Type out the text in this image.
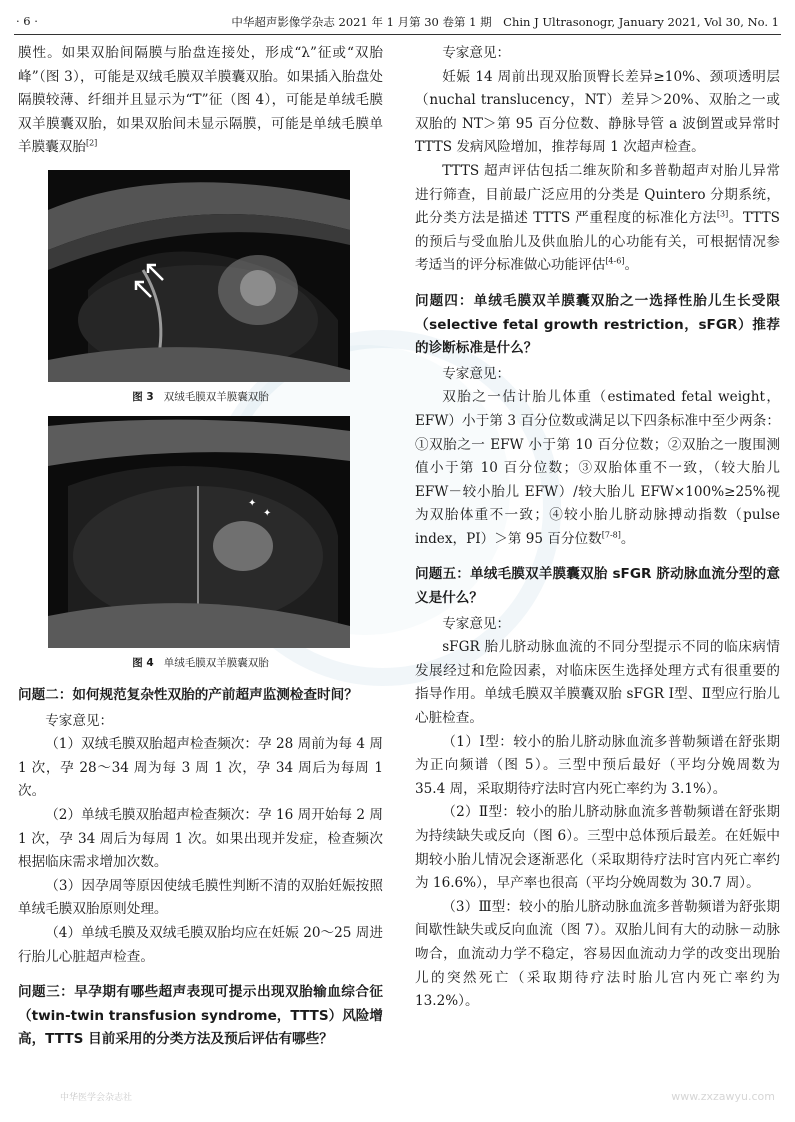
· 6 ·	中华超声影像学杂志 2021 年 1 月第 30 卷第 1 期　Chin J Ultrasonogr, January 2021, Vol 30, No. 1

膜性。如果双胎间隔膜与胎盘连接处，形成“λ”征或“双胎峰”（图 3），可能是双绒毛膜双羊膜囊双胎。如果插入胎盘处隔膜较薄、纤细并且显示为“T”征（图 4），可能是单绒毛膜双羊膜囊双胎，如果双胎间未显示隔膜，可能是单绒毛膜单羊膜囊双胎[2]

图 3 双绒毛膜双羊膜囊双胎
✦
✦
图 4 单绒毛膜双羊膜囊双胎
问题二：如何规范复杂性双胎的产前超声监测检查时间？

专家意见：

（1）双绒毛膜双胎超声检查频次：孕 28 周前为每 4 周 1 次，孕 28～34 周为每 3 周 1 次，孕 34 周后为每周 1 次。

（2）单绒毛膜双胎超声检查频次：孕 16 周开始每 2 周 1 次，孕 34 周后为每周 1 次。如果出现并发症，检查频次根据临床需求增加次数。

（3）因孕周等原因使绒毛膜性判断不清的双胎妊娠按照单绒毛膜双胎原则处理。

（4）单绒毛膜及双绒毛膜双胎均应在妊娠 20～25 周进行胎儿心脏超声检查。

问题三：早孕期有哪些超声表现可提示出现双胎输血综合征（twin-twin transfusion syndrome，TTTS）风险增高，TTTS 目前采用的分类方法及预后评估有哪些？

专家意见：

妊娠 14 周前出现双胎顶臀长差异≥10%、颈项透明层（nuchal translucency，NT）差异＞20%、双胎之一或双胎的 NT＞第 95 百分位数、静脉导管 a 波倒置或异常时 TTTS 发病风险增加，推荐每周 1 次超声检查。

TTTS 超声评估包括二维灰阶和多普勒超声对胎儿异常进行筛查，目前最广泛应用的分类是 Quintero 分期系统，此分类方法是描述 TTTS 严重程度的标准化方法[3]。TTTS 的预后与受血胎儿及供血胎儿的心功能有关，可根据情况参考适当的评分标准做心功能评估[4-6]。

问题四：单绒毛膜双羊膜囊双胎之一选择性胎儿生长受限（selective fetal growth restriction，sFGR）推荐的诊断标准是什么？

专家意见：

双胎之一估计胎儿体重（estimated fetal weight，EFW）小于第 3 百分位数或满足以下四条标准中至少两条：①双胎之一 EFW 小于第 10 百分位数；②双胎之一腹围测值小于第 10 百分位数；③双胎体重不一致，（较大胎儿 EFW－较小胎儿 EFW）/较大胎儿 EFW×100%≥25%视为双胎体重不一致；④较小胎儿脐动脉搏动指数（pulse index，PI）＞第 95 百分位数[7-8]。

问题五：单绒毛膜双羊膜囊双胎 sFGR 脐动脉血流分型的意义是什么？

专家意见：

sFGR 胎儿脐动脉血流的不同分型提示不同的临床病情发展经过和危险因素，对临床医生选择处理方式有很重要的指导作用。单绒毛膜双羊膜囊双胎 sFGR Ⅰ型、Ⅱ型应行胎儿心脏检查。

（1）Ⅰ型：较小的胎儿脐动脉血流多普勒频谱在舒张期为正向频谱（图 5）。三型中预后最好（平均分娩周数为 35.4 周，采取期待疗法时宫内死亡率约为 3.1%）。

（2）Ⅱ型：较小的胎儿脐动脉血流多普勒频谱在舒张期为持续缺失或反向（图 6）。三型中总体预后最差。在妊娠中期较小胎儿情况会逐渐恶化（采取期待疗法时宫内死亡率约为 16.6%），早产率也很高（平均分娩周数为 30.7 周）。

（3）Ⅲ型：较小的胎儿脐动脉血流多普勒频谱为舒张期间歇性缺失或反向血流（图 7）。双胎儿间有大的动脉－动脉吻合，血流动力学不稳定，容易因血流动力学的改变出现胎儿的突然死亡（采取期待疗法时胎儿宫内死亡率约为 13.2%）。

中华医学会杂志社	www.zxzawyu.com
